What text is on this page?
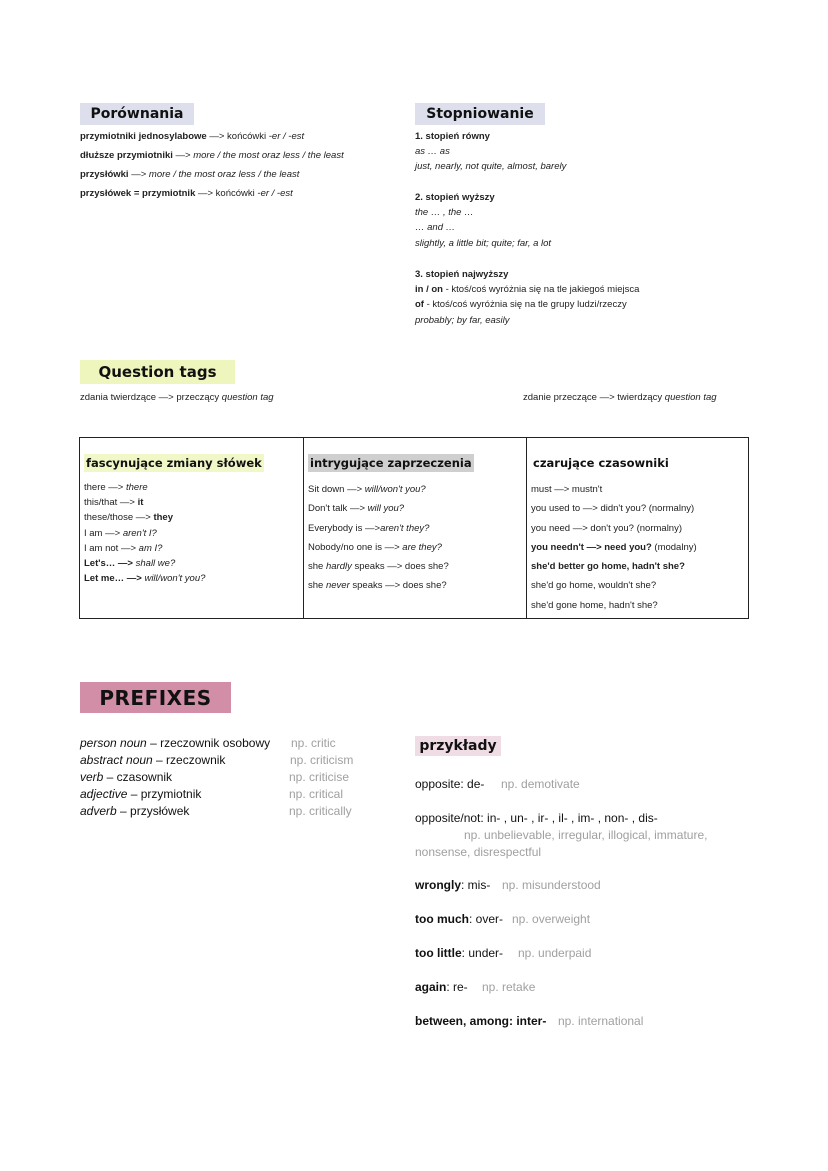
Porównania
przymiotniki jednosylabowe —> końcówki -er / -est
dłuższe przymiotniki —> more / the most oraz less / the least
przysłówki —> more / the most oraz less / the least
przysłówek = przymiotnik —> końcówki -er / -est
Stopniowanie
1. stopień równy
as … as
just, nearly, not quite, almost, barely
2. stopień wyższy
the … , the …
… and …
slightly, a little bit; quite; far, a lot
3. stopień najwyższy
in / on - ktoś/coś wyróżnia się na tle jakiegoś miejsca
of - ktoś/coś wyróżnia się na tle grupy ludzi/rzeczy
probably; by far, easily
Question tags
zdania twierdzące —> przeczący question tag	zdanie przeczące —> twierdzący question tag
fascynujące zmiany słówek
there —> there
this/that —> it
these/those —> they
I am —> aren't I?
I am not —> am I?
Let's… —> shall we?
Let me… —> will/won't you?
intrygujące zaprzeczenia
Sit down —> will/won't you?
Don't talk —> will you?
Everybody is —>aren't they?
Nobody/no one is —> are they?
she hardly speaks —> does she?
she never speaks —> does she?
czarujące czasowniki
must —> mustn't
you used to —> didn't you? (normalny)
you need —> don't you? (normalny)
you needn't —> need you? (modalny)
she'd better go home, hadn't she?
she'd go home, wouldn't she?
she'd gone home, hadn't she?
PREFIXES
person noun – rzeczownik osobowy np. critic
abstract noun – rzeczownik	np. criticism
verb – czasownik	np. criticise
adjective – przymiotnik	np. critical
adverb – przysłówek	np. critically
przykłady
opposite: de- np. demotivate
opposite/not: in- , un- , ir- , il- , im- , non- , dis-
np. unbelievable, irregular, illogical, immature,
nonsense, disrespectful
wrongly: mis- np. misunderstood
too much: over- np. overweight
too little: under- np. underpaid
again: re- np. retake
between, among: inter- np. international
